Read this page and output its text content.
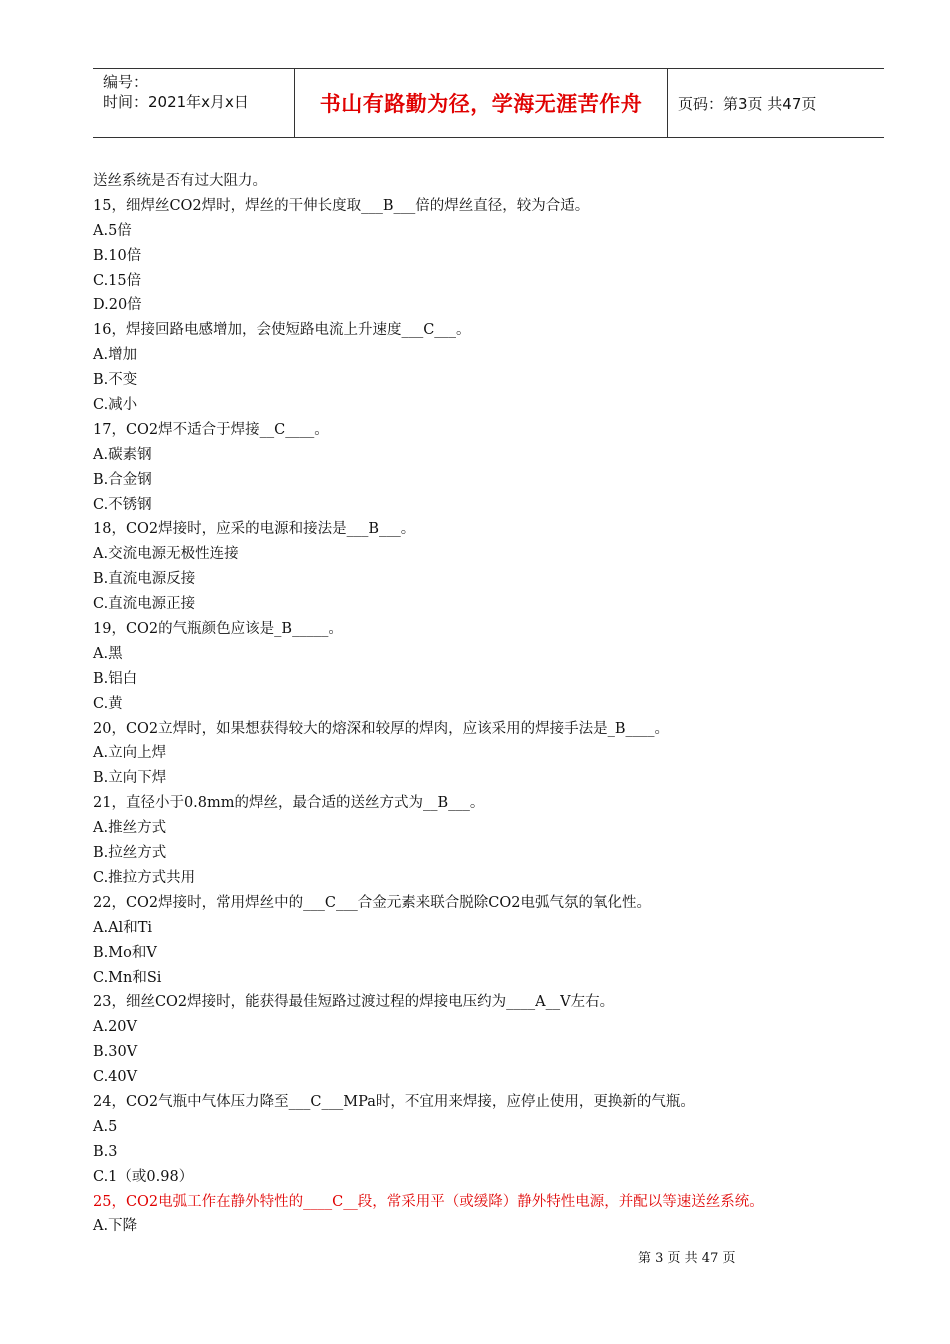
编号：
时间：2021年x月x日	书山有路勤为径，学海无涯苦作舟 页码：第3页 共47页
送丝系统是否有过大阻力。
15，细焊丝CO2焊时，焊丝的干伸长度取___B___倍的焊丝直径，较为合适。
A.5倍
B.10倍
C.15倍
D.20倍
16，焊接回路电感增加，会使短路电流上升速度___C___。
A.增加
B.不变
C.减小
17，CO2焊不适合于焊接__C____。
A.碳素钢
B.合金钢
C.不锈钢
18，CO2焊接时，应采的电源和接法是___B___。
A.交流电源无极性连接
B.直流电源反接
C.直流电源正接
19，CO2的气瓶颜色应该是_B_____。
A.黑
B.铝白
C.黄
20，CO2立焊时，如果想获得较大的熔深和较厚的焊肉，应该采用的焊接手法是_B____。
A.立向上焊
B.立向下焊
21，直径小于0.8mm的焊丝，最合适的送丝方式为__B___。
A.推丝方式
B.拉丝方式
C.推拉方式共用
22，CO2焊接时，常用焊丝中的___C___合金元素来联合脱除CO2电弧气氛的氧化性。
A.Al和Ti
B.Mo和V
C.Mn和Si
23，细丝CO2焊接时，能获得最佳短路过渡过程的焊接电压约为____A__V左右。
A.20V
B.30V
C.40V
24，CO2气瓶中气体压力降至___C___MPa时，不宜用来焊接，应停止使用，更换新的气瓶。
A.5
B.3
C.1（或0.98）
25，CO2电弧工作在静外特性的____C__段，常采用平（或缓降）静外特性电源，并配以等速送丝系统。
A.下降
第 3 页 共 47 页
